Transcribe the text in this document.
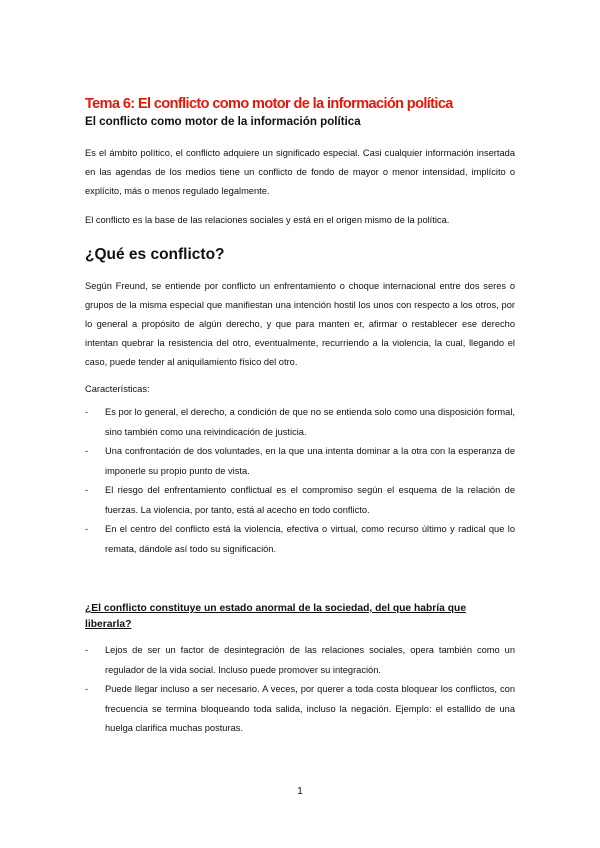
Tema 6: El conflicto como motor de la información política
El conflicto como motor de la información política

Es el ámbito político, el conflicto adquiere un significado especial. Casi cualquier información insertada en las agendas de los medios tiene un conflicto de fondo de mayor o menor intensidad, implícito o explícito, más o menos regulado legalmente.

El conflicto es la base de las relaciones sociales y está en el origen mismo de la política.

¿Qué es conflicto?

Según Freund, se entiende por conflicto un enfrentamiento o choque internacional entre dos seres o grupos de la misma especial que manifiestan una intención hostil los unos con respecto a los otros, por lo general a propósito de algún derecho, y que para manten er, afirmar o restablecer ese derecho intentan quebrar la resistencia del otro, eventualmente, recurriendo a la violencia, la cual, llegando el caso, puede tender al aniquilamiento físico del otro.

Características:

- Es por lo general, el derecho, a condición de que no se entienda solo como una disposición formal, sino también como una reivindicación de justicia.
- Una confrontación de dos voluntades, en la que una intenta dominar a la otra con la esperanza de imponerle su propio punto de vista.
- El riesgo del enfrentamiento conflictual es el compromiso según el esquema de la relación de fuerzas. La violencia, por tanto, está al acecho en todo conflicto.
- En el centro del conflicto está la violencia, efectiva o virtual, como recurso último y radical que lo remata, dándole así todo su significación.
¿El conflicto constituye un estado anormal de la sociedad, del que habría que liberarla?
- Lejos de ser un factor de desintegración de las relaciones sociales, opera también como un regulador de la vida social. Incluso puede promover su integración.
- Puede llegar incluso a ser necesario. A veces, por querer a toda costa bloquear los conflictos, con frecuencia se termina bloqueando toda salida, incluso la negación. Ejemplo: el estallido de una huelga clarifica muchas posturas.
1
